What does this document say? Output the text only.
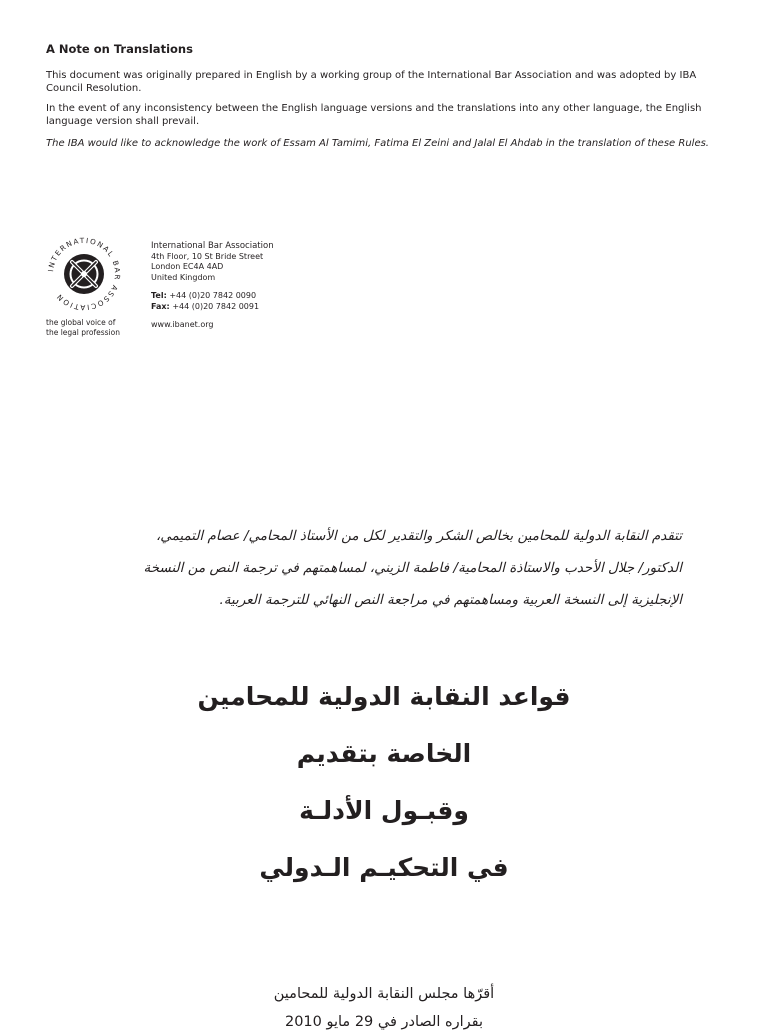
A Note on Translations

This document was originally prepared in English by a working group of the International Bar Association and was adopted by IBA Council Resolution.

In the event of any inconsistency between the English language versions and the translations into any other language, the English language version shall prevail.

The IBA would like to acknowledge the work of Essam Al Tamimi, Fatima El Zeini and Jalal El Ahdab in the translation of these Rules.

INTERNATIONAL BAR ASSOCIATION
the global voice of
the legal profession
International Bar Association
4th Floor, 10 St Bride Street
London EC4A 4AD
United Kingdom
Tel: +44 (0)20 7842 0090
Fax: +44 (0)20 7842 0091
www.ibanet.org
تتقدم النقابة الدولية للمحامين بخالص الشكر والتقدير لكل من الأستاذ المحامي/ عصام التميمي،
الدكتور/ جلال الأحدب والاستاذة المحامية/ فاطمة الزيني، لمساهمتهم في ترجمة النص من النسخة
الإنجليزية إلى النسخة العربية ومساهمتهم في مراجعة النص النهائي للترجمة العربية.
قواعد النقابة الدولية للمحامين
الخاصة بتقديم
وقبـول الأدلـة
في التحكيـم الـدولي
أقرّها مجلس النقابة الدولية للمحامين
بقراره الصادر في 29 مايو 2010
